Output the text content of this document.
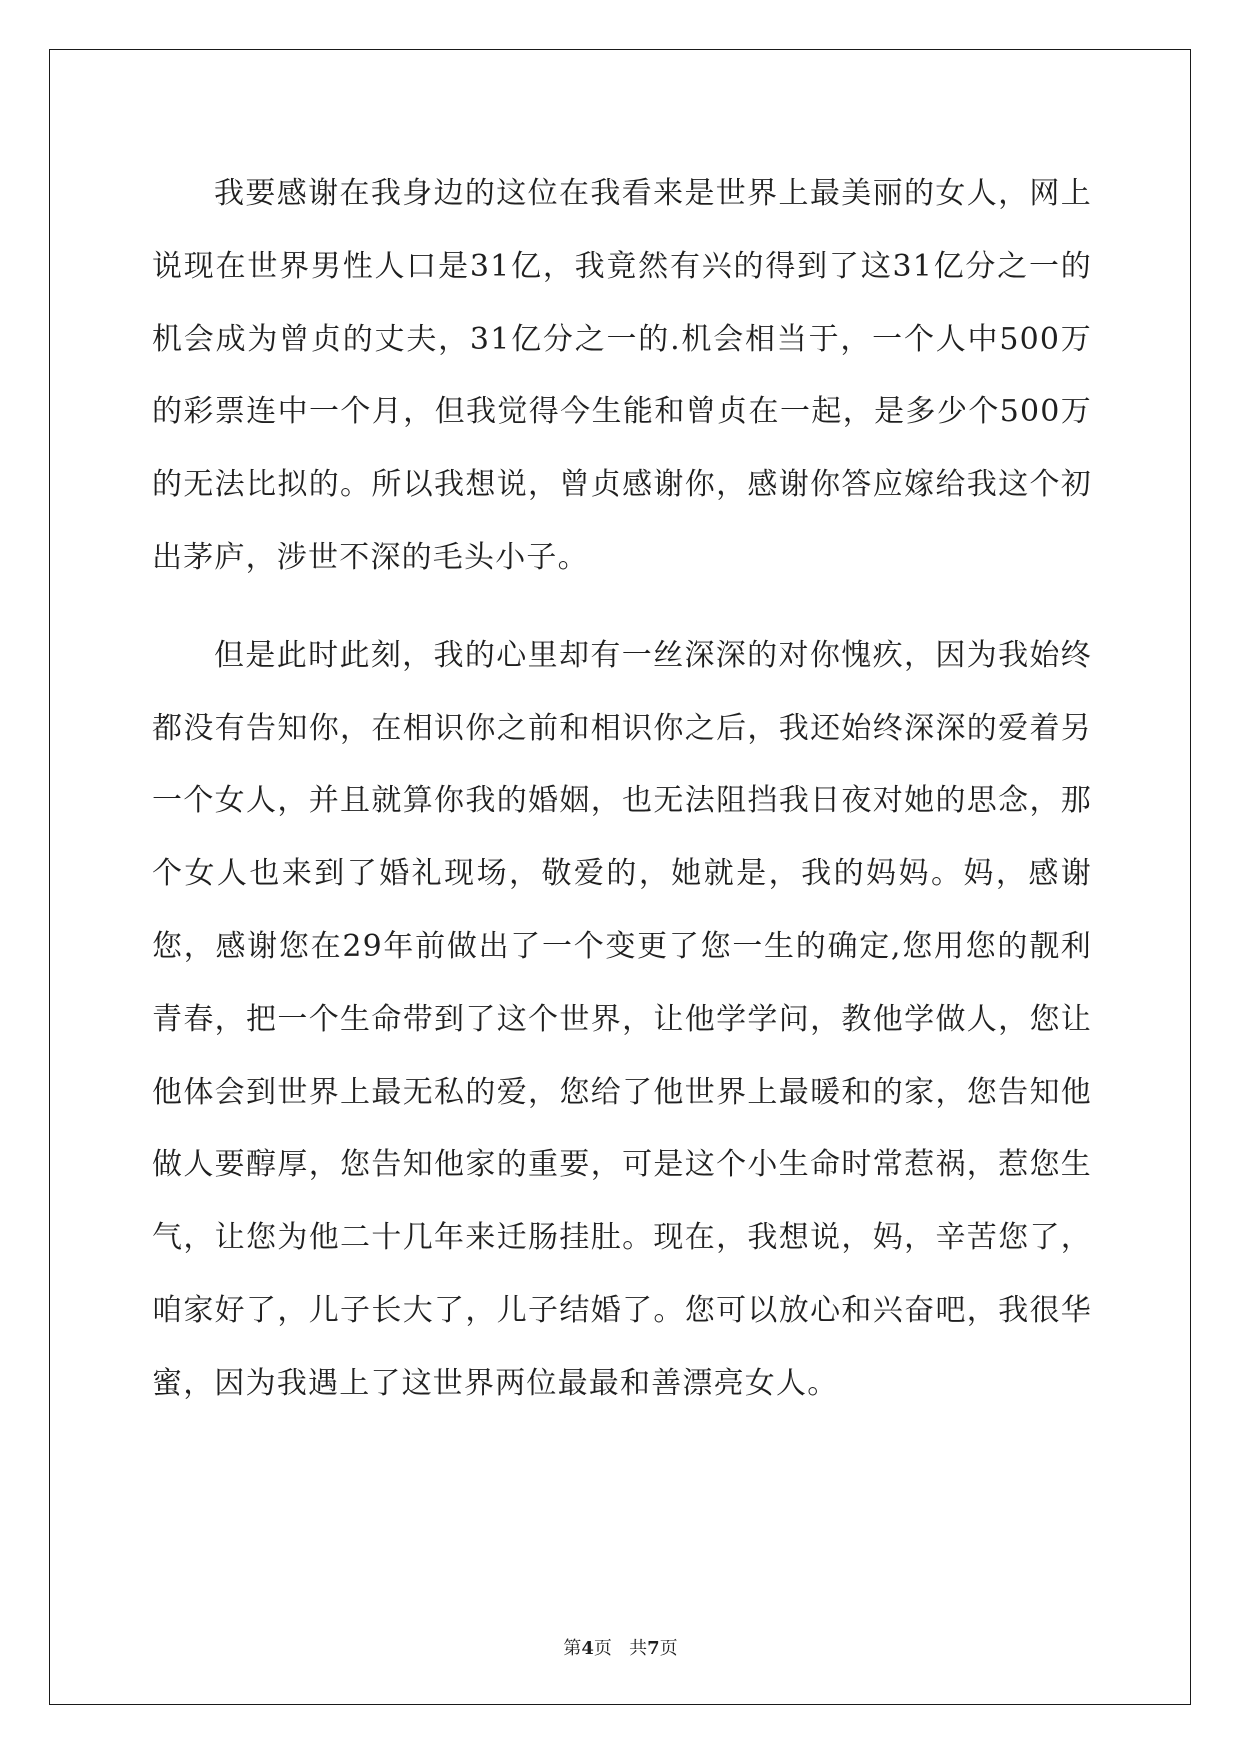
我要感谢在我身边的这位在我看来是世界上最美丽的女人，网上说现在世界男性人口是31亿，我竟然有兴的得到了这31亿分之一的机会成为曾贞的丈夫，31亿分之一的.机会相当于，一个人中500万的彩票连中一个月，但我觉得今生能和曾贞在一起，是多少个500万的无法比拟的。所以我想说，曾贞感谢你，感谢你答应嫁给我这个初出茅庐，涉世不深的毛头小子。

但是此时此刻，我的心里却有一丝深深的对你愧疚，因为我始终都没有告知你，在相识你之前和相识你之后，我还始终深深的爱着另一个女人，并且就算你我的婚姻，也无法阻挡我日夜对她的思念，那个女人也来到了婚礼现场，敬爱的，她就是，我的妈妈。妈，感谢您，感谢您在29年前做出了一个变更了您一生的确定,您用您的靓利青春，把一个生命带到了这个世界，让他学学问，教他学做人，您让他体会到世界上最无私的爱，您给了他世界上最暖和的家，您告知他做人要醇厚，您告知他家的重要，可是这个小生命时常惹祸，惹您生气，让您为他二十几年来迁肠挂肚。现在，我想说，妈，辛苦您了，咱家好了，儿子长大了，儿子结婚了。您可以放心和兴奋吧，我很华蜜，因为我遇上了这世界两位最最和善漂亮女人。

第4页   共7页
